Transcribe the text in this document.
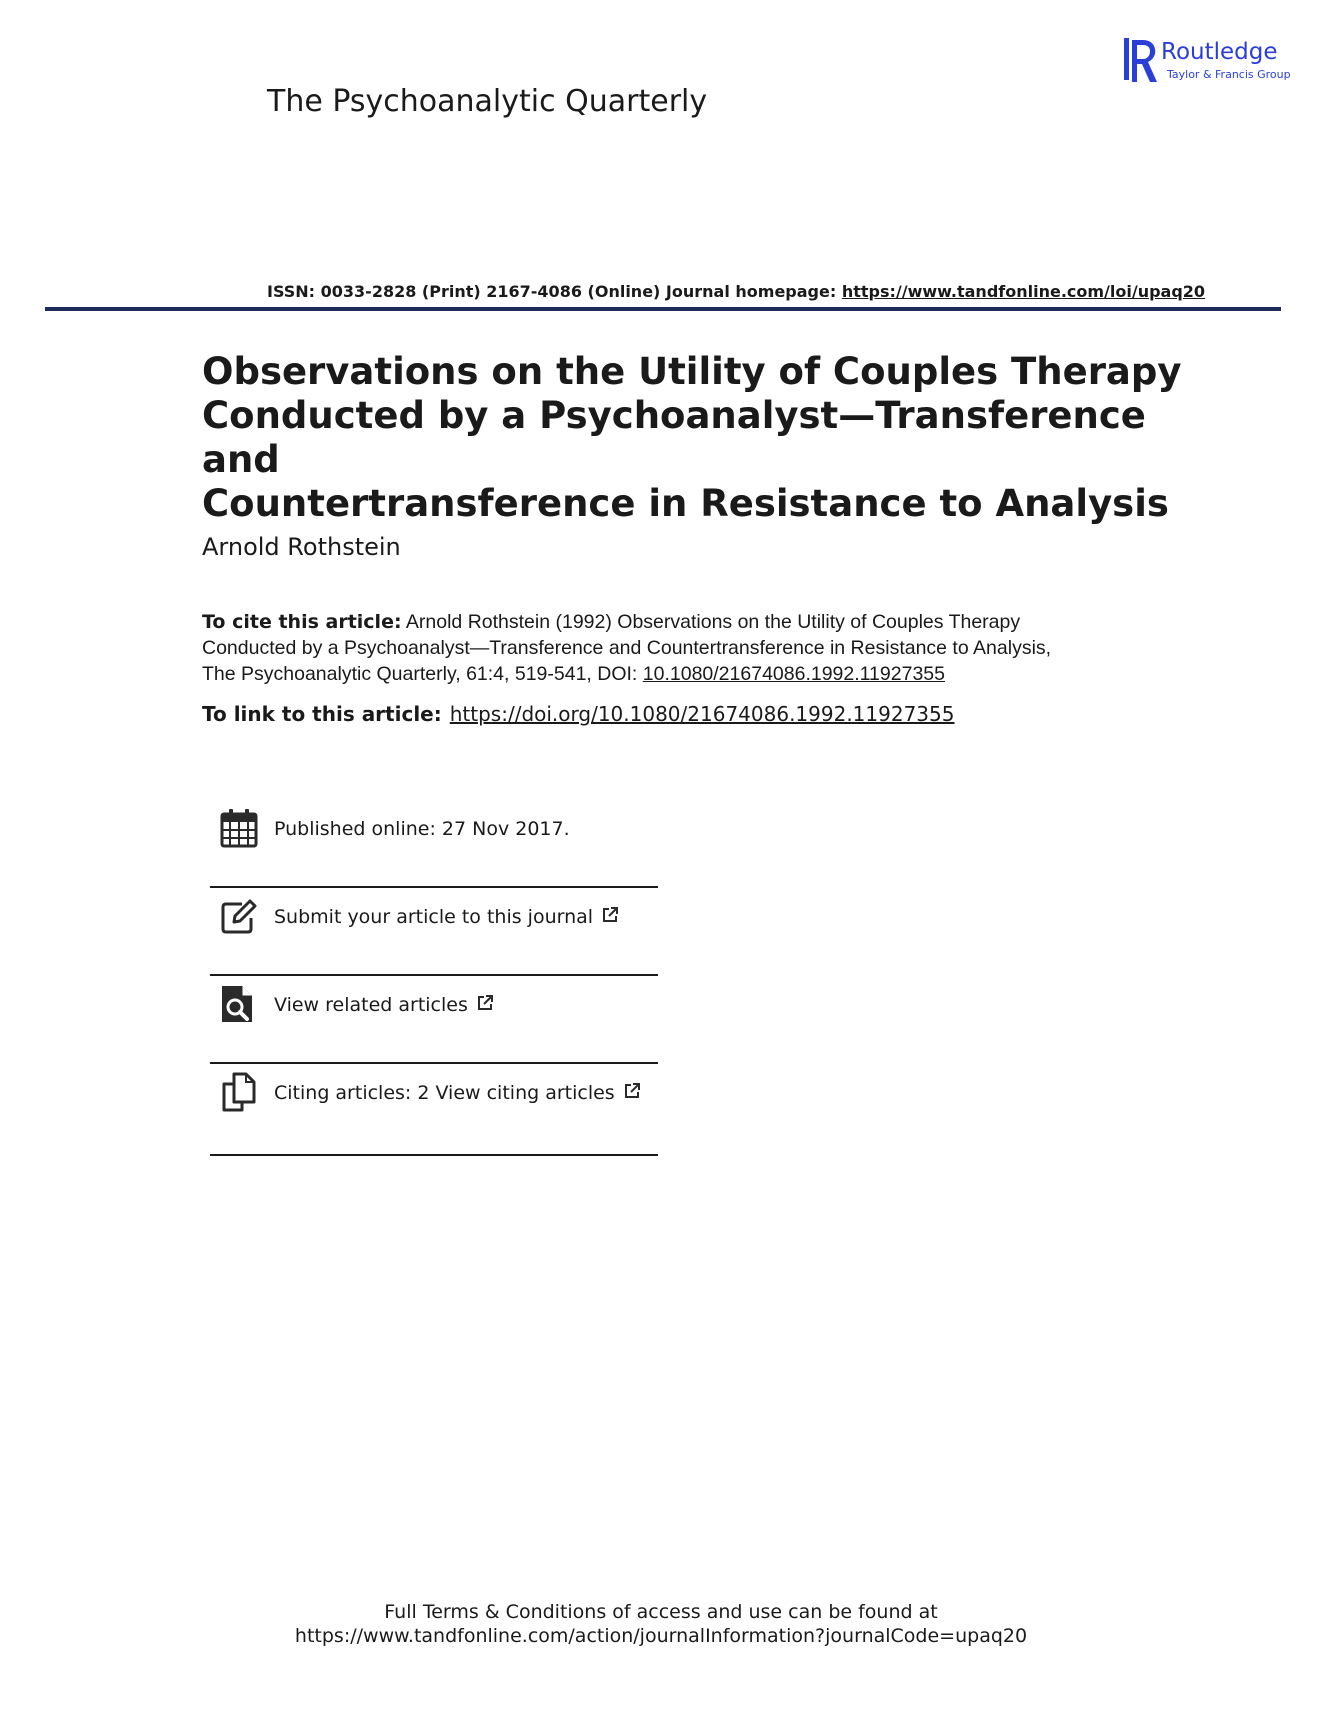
The Psychoanalytic Quarterly
Routledge
Taylor & Francis Group
ISSN: 0033-2828 (Print) 2167-4086 (Online) Journal homepage: https://www.tandfonline.com/loi/upaq20
Observations on the Utility of Couples Therapy
Conducted by a Psychoanalyst—Transference and
Countertransference in Resistance to Analysis
Arnold Rothstein
To cite this article: Arnold Rothstein (1992) Observations on the Utility of Couples Therapy
Conducted by a Psychoanalyst—Transference and Countertransference in Resistance to Analysis,
The Psychoanalytic Quarterly, 61:4, 519-541, DOI: 10.1080/21674086.1992.11927355
To link to this article: https://doi.org/10.1080/21674086.1992.11927355
Published online: 27 Nov 2017.
Submit your article to this journal
View related articles
Citing articles: 2 View citing articles
Full Terms & Conditions of access and use can be found at
https://www.tandfonline.com/action/journalInformation?journalCode=upaq20
